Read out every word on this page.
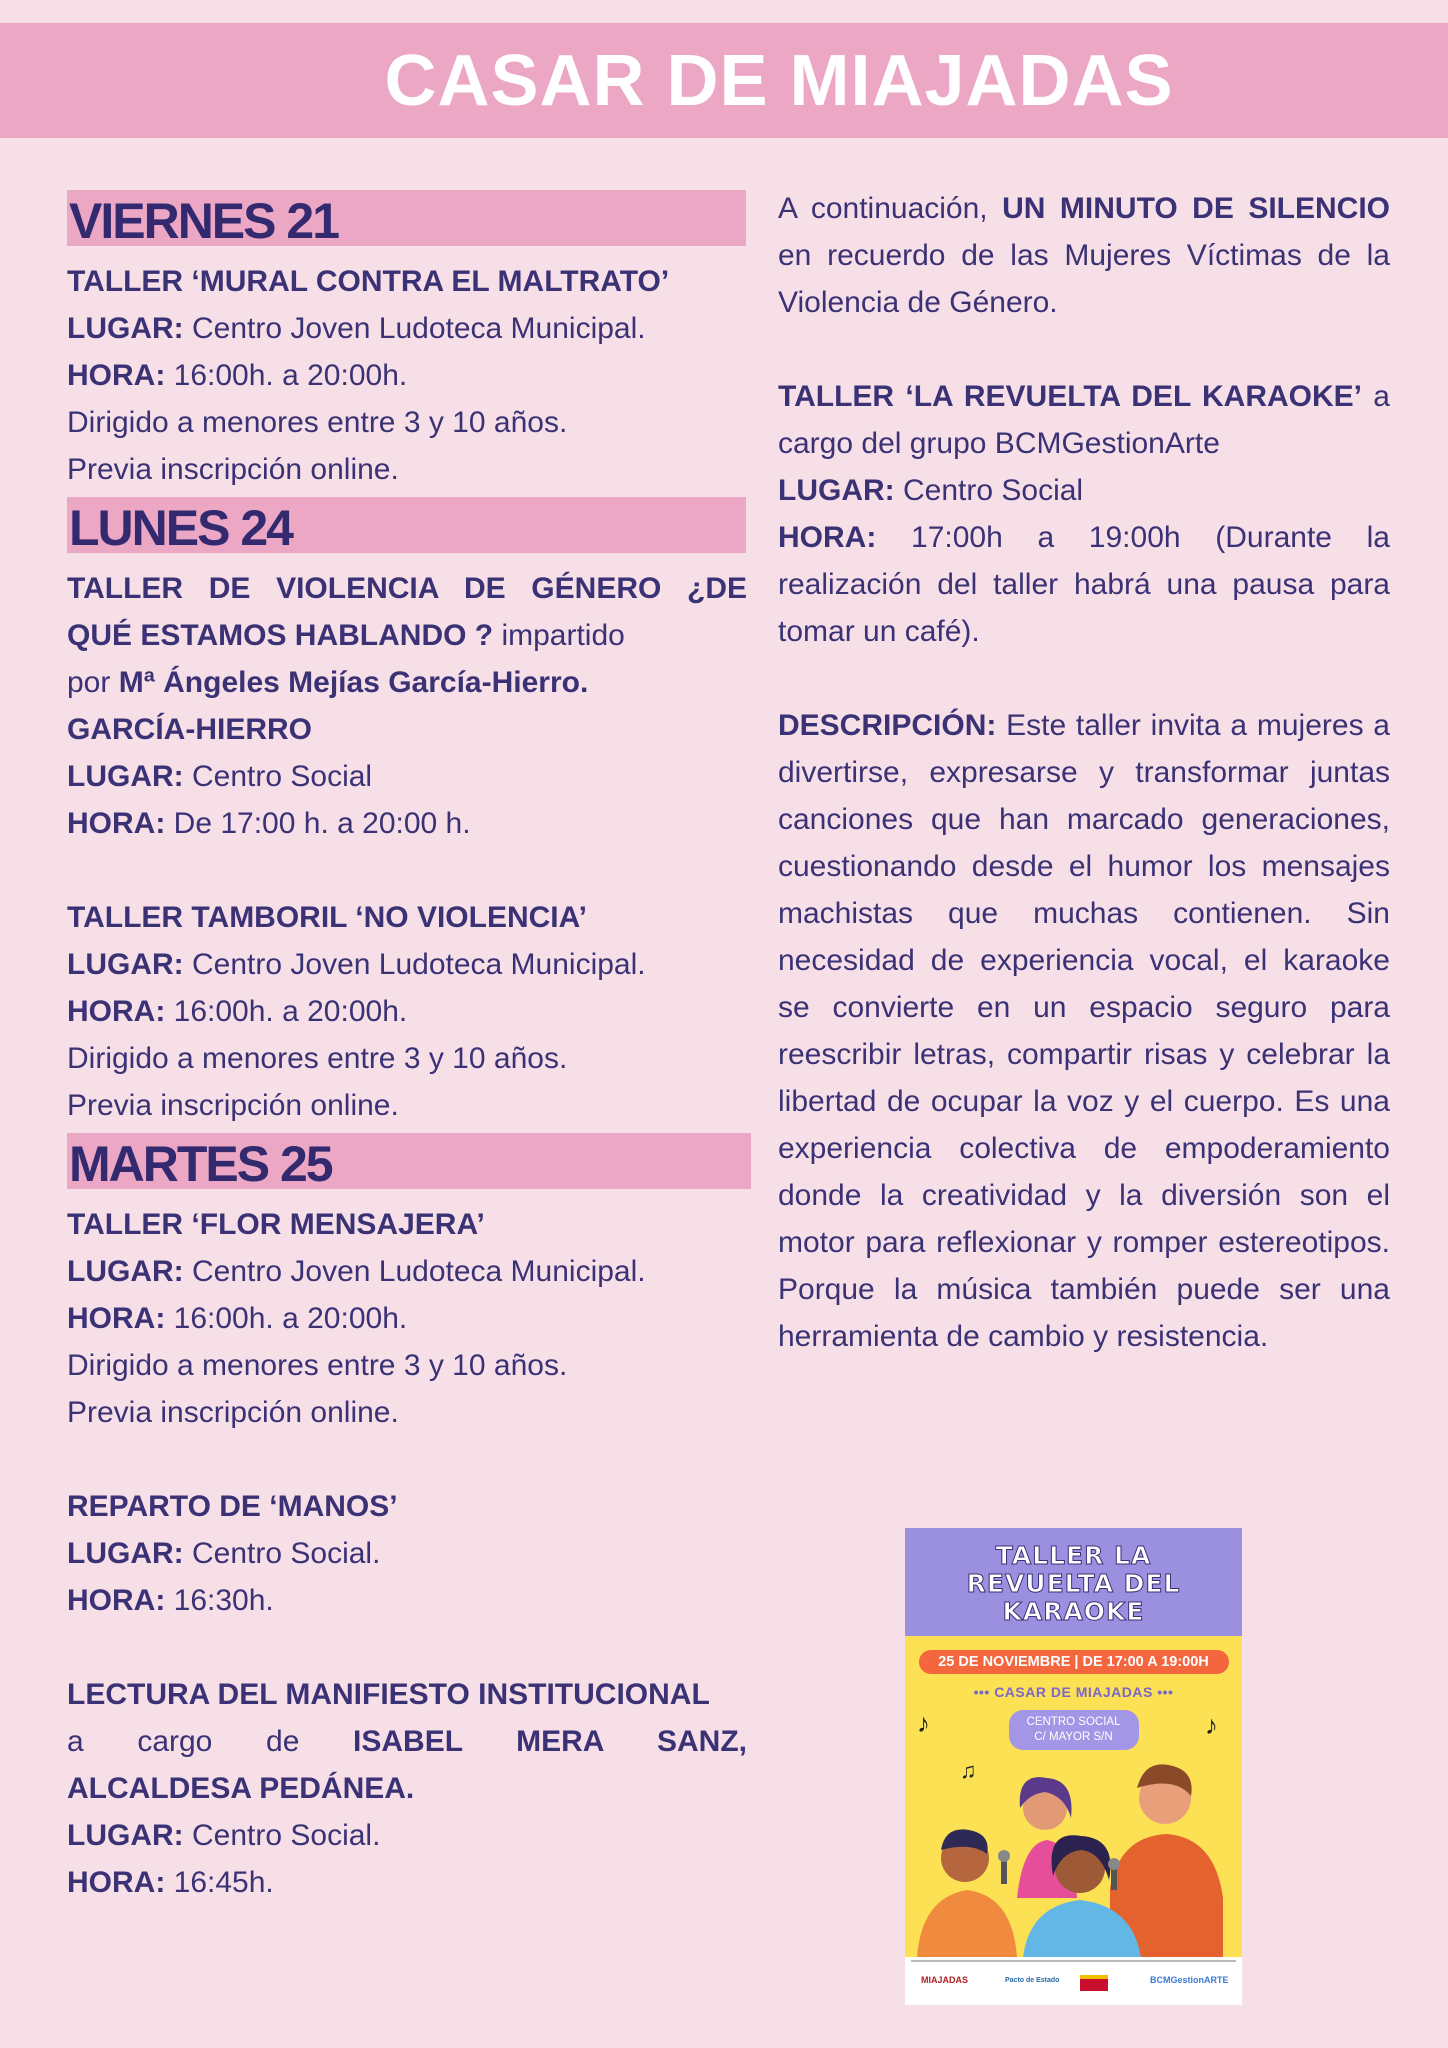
CASAR DE MIAJADAS
VIERNES 21

TALLER ‘MURAL CONTRA EL MALTRATO’

LUGAR: Centro Joven Ludoteca Municipal.

HORA: 16:00h. a 20:00h.

Dirigido a menores entre 3 y 10 años.

Previa inscripción online.

LUNES 24

TALLER DE VIOLENCIA DE GÉNERO ¿DE

QUÉ ESTAMOS HABLANDO ? impartido

por Mª Ángeles Mejías García-Hierro.

GARCÍA-HIERRO

LUGAR: Centro Social

HORA: De 17:00 h. a 20:00 h.

TALLER TAMBORIL ‘NO VIOLENCIA’

LUGAR: Centro Joven Ludoteca Municipal.

HORA: 16:00h. a 20:00h.

Dirigido a menores entre 3 y 10 años.

Previa inscripción online.

MARTES 25

TALLER ‘FLOR MENSAJERA’

LUGAR: Centro Joven Ludoteca Municipal.

HORA: 16:00h. a 20:00h.

Dirigido a menores entre 3 y 10 años.

Previa inscripción online.

REPARTO DE ‘MANOS’

LUGAR: Centro Social.

HORA: 16:30h.

LECTURA DEL MANIFIESTO INSTITUCIONAL

a cargo de ISABEL MERA SANZ,

ALCALDESA PEDÁNEA.

LUGAR: Centro Social.

HORA: 16:45h.

A continuación, UN MINUTO DE SILENCIO en recuerdo de las Mujeres Víctimas de la Violencia de Género.

TALLER ‘LA REVUELTA DEL KARAOKE’ a cargo del grupo BCMGestionArte

LUGAR: Centro Social

HORA: 17:00h a 19:00h (Durante la realización del taller habrá una pausa para tomar un café).

DESCRIPCIÓN: Este taller invita a mujeres a divertirse, expresarse y transformar juntas canciones que han marcado generaciones, cuestionando desde el humor los mensajes machistas que muchas contienen. Sin necesidad de experiencia vocal, el karaoke se convierte en un espacio seguro para reescribir letras, compartir risas y celebrar la libertad de ocupar la voz y el cuerpo. Es una experiencia colectiva de empoderamiento donde la creatividad y la diversión son el motor para reflexionar y romper estereotipos. Porque la música también puede ser una herramienta de cambio y resistencia.

TALLER LA
REVUELTA DEL
KARAOKE
25 DE NOVIEMBRE | DE 17:00 A 19:00H
••• CASAR DE MIAJADAS •••
CENTRO SOCIAL
C/ MAYOR S/N
♪	♪
♫
MIAJADAS	Pacto de Estado	BCMGestionARTE
